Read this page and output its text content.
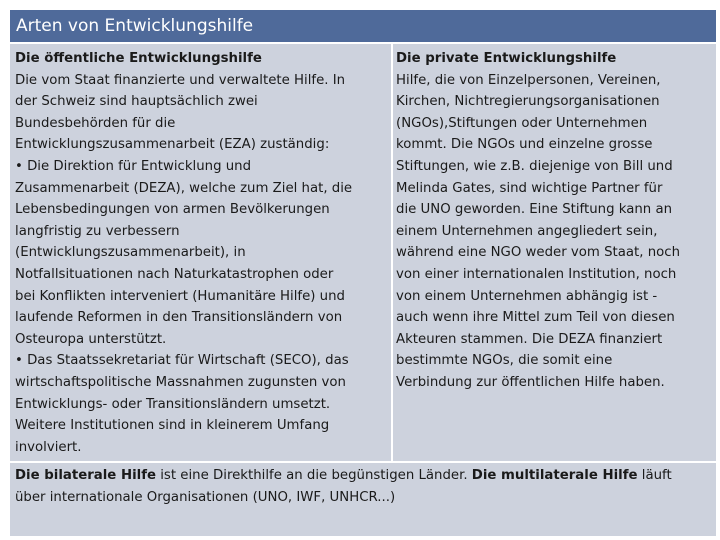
Arten von Entwicklungshilfe
Die öffentliche Entwicklungshilfe
Die vom Staat finanzierte und verwaltete Hilfe. In
der Schweiz sind hauptsächlich zwei
Bundesbehörden für die
Entwicklungszusammenarbeit (EZA) zuständig:
• Die Direktion für Entwicklung und
Zusammenarbeit (DEZA), welche zum Ziel hat, die
Lebensbedingungen von armen Bevölkerungen
langfristig zu verbessern
(Entwicklungszusammenarbeit), in
Notfallsituationen nach Naturkatastrophen oder
bei Konflikten interveniert (Humanitäre Hilfe) und
laufende Reformen in den Transitionsländern von
Osteuropa unterstützt.
• Das Staatssekretariat für Wirtschaft (SECO), das
wirtschaftspolitische Massnahmen zugunsten von
Entwicklungs- oder Transitionsländern umsetzt.
Weitere Institutionen sind in kleinerem Umfang
involviert.
Die private Entwicklungshilfe
Hilfe, die von Einzelpersonen, Vereinen,
Kirchen, Nichtregierungsorganisationen
(NGOs),Stiftungen oder Unternehmen
kommt. Die NGOs und einzelne grosse
Stiftungen, wie z.B. diejenige von Bill und
Melinda Gates, sind wichtige Partner für
die UNO geworden. Eine Stiftung kann an
einem Unternehmen angegliedert sein,
während eine NGO weder vom Staat, noch
von einer internationalen Institution, noch
von einem Unternehmen abhängig ist -
auch wenn ihre Mittel zum Teil von diesen
Akteuren stammen. Die DEZA finanziert
bestimmte NGOs, die somit eine
Verbindung zur öffentlichen Hilfe haben.
Die bilaterale Hilfe ist eine Direkthilfe an die begünstigen Länder. Die multilaterale Hilfe läuft
über internationale Organisationen (UNO, IWF, UNHCR...)
